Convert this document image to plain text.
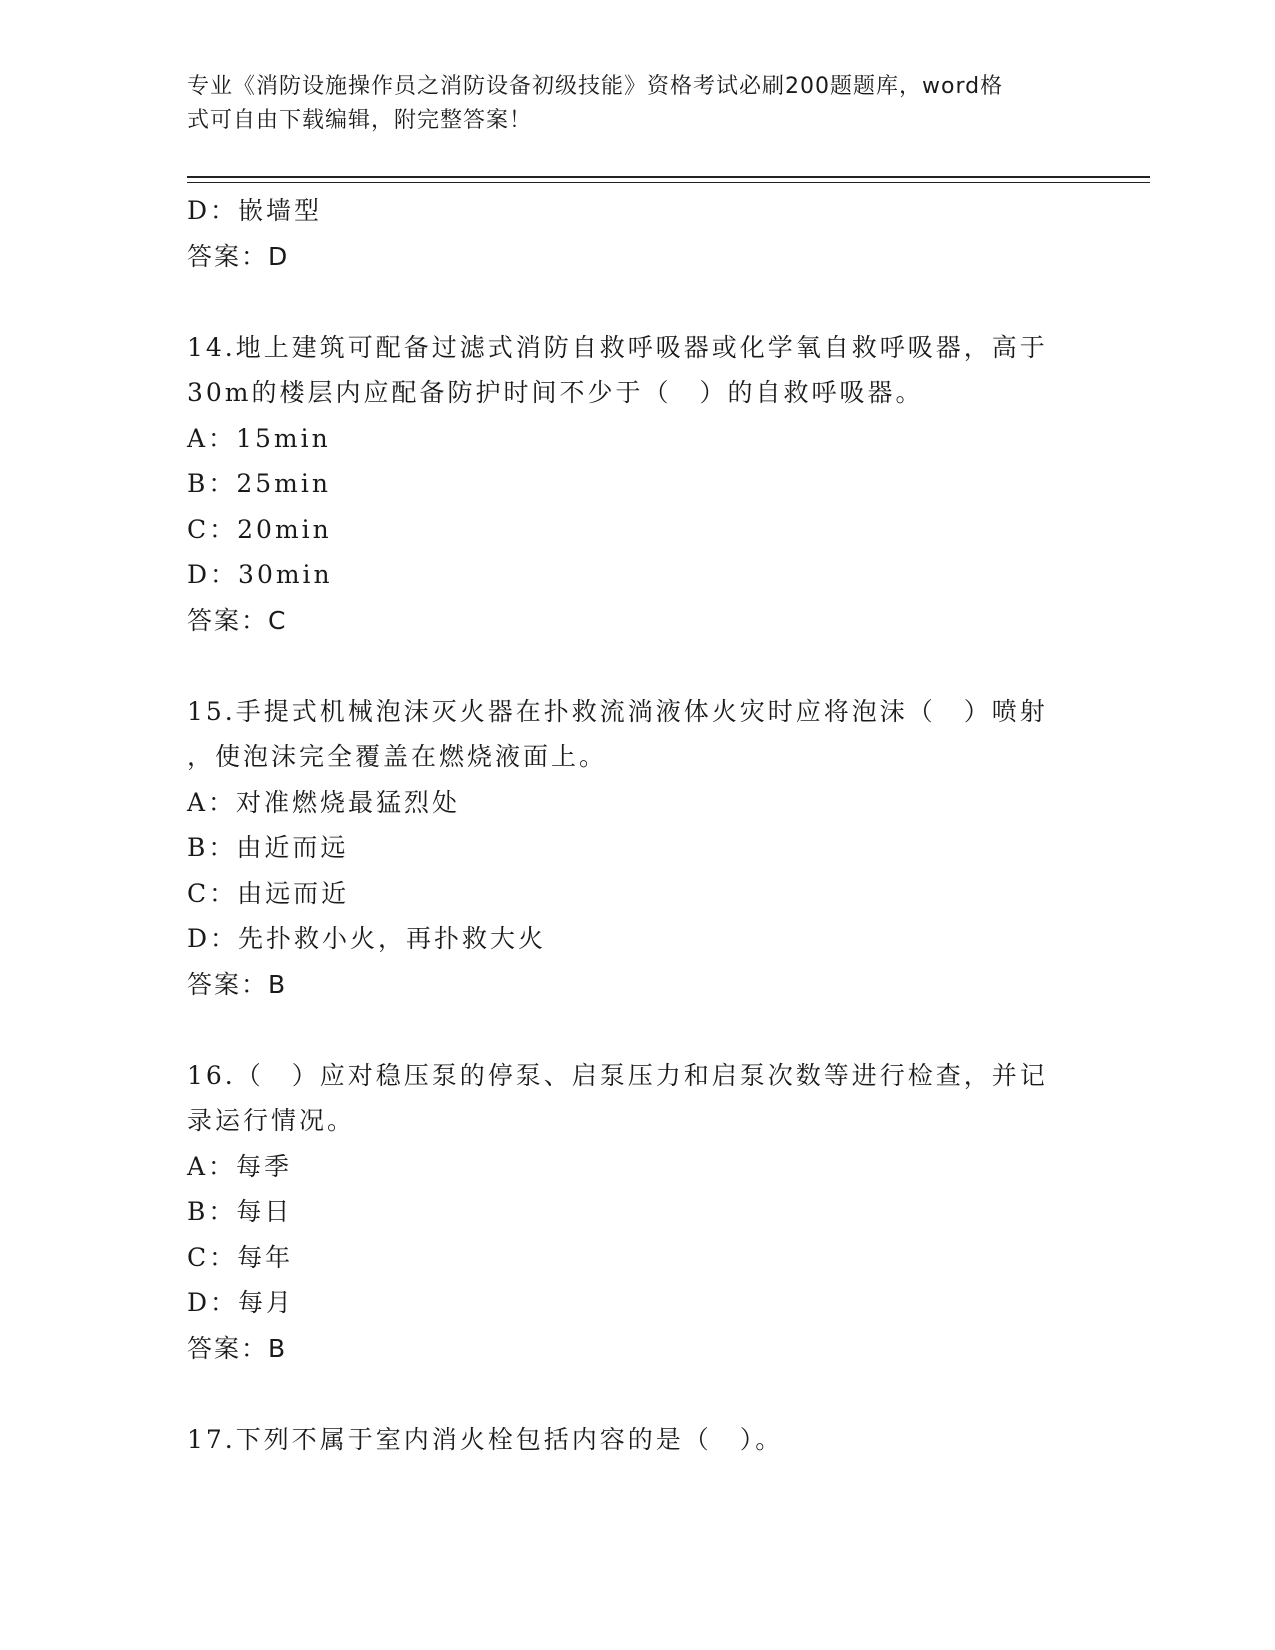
专业《消防设施操作员之消防设备初级技能》资格考试必刷200题题库，word格
式可自由下载编辑，附完整答案！
D：嵌墙型
答案：D
14.地上建筑可配备过滤式消防自救呼吸器或化学氧自救呼吸器，高于
30m的楼层内应配备防护时间不少于（　）的自救呼吸器。
A：15min
B：25min
C：20min
D：30min
答案：C
15.手提式机械泡沫灭火器在扑救流淌液体火灾时应将泡沫（　）喷射
，使泡沫完全覆盖在燃烧液面上。
A：对准燃烧最猛烈处
B：由近而远
C：由远而近
D：先扑救小火，再扑救大火
答案：B
16.（　）应对稳压泵的停泵、启泵压力和启泵次数等进行检查，并记
录运行情况。
A：每季
B：每日
C：每年
D：每月
答案：B
17.下列不属于室内消火栓包括内容的是（　）。
